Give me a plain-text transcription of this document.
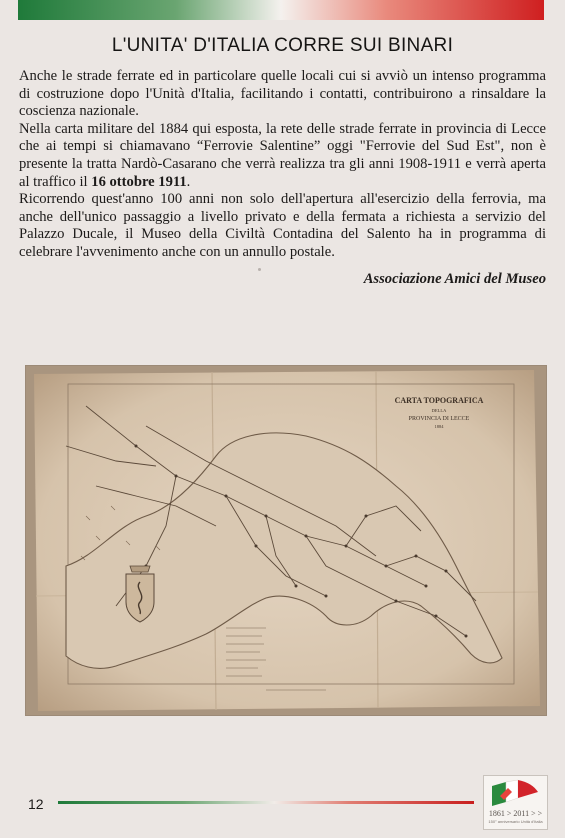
L'UNITA' D'ITALIA CORRE SUI BINARI

Anche le strade ferrate ed in particolare quelle locali cui si avviò un intenso programma di costruzione dopo l'Unità d'Italia, facilitando i contatti, contribuirono a rinsaldare la coscienza nazionale.

Nella carta militare del 1884 qui esposta, la rete delle strade ferrate in provincia di Lecce che ai tempi si chiamavano “Ferrovie Salentine” oggi "Ferrovie del Sud Est", non è presente la tratta Nardò-Casarano che verrà realizza tra gli anni 1908-1911 e verrà aperta al traffico il 16 ottobre 1911.

Ricorrendo quest'anno 100 anni non solo dell'apertura all'esercizio della ferrovia, ma anche dell'unico passaggio a livello privato e della fermata a richiesta a servizio del Palazzo Ducale, il Museo della Civiltà Contadina del Salento ha in programma di celebrare l'avvenimento anche con un annullo postale.

Associazione Amici del Museo
CARTA TOPOGRAFICA
DELLA
PROVINCIA DI LECCE
1884
12
1861 > 2011 > >
150° anniversario Unità d'Italia
